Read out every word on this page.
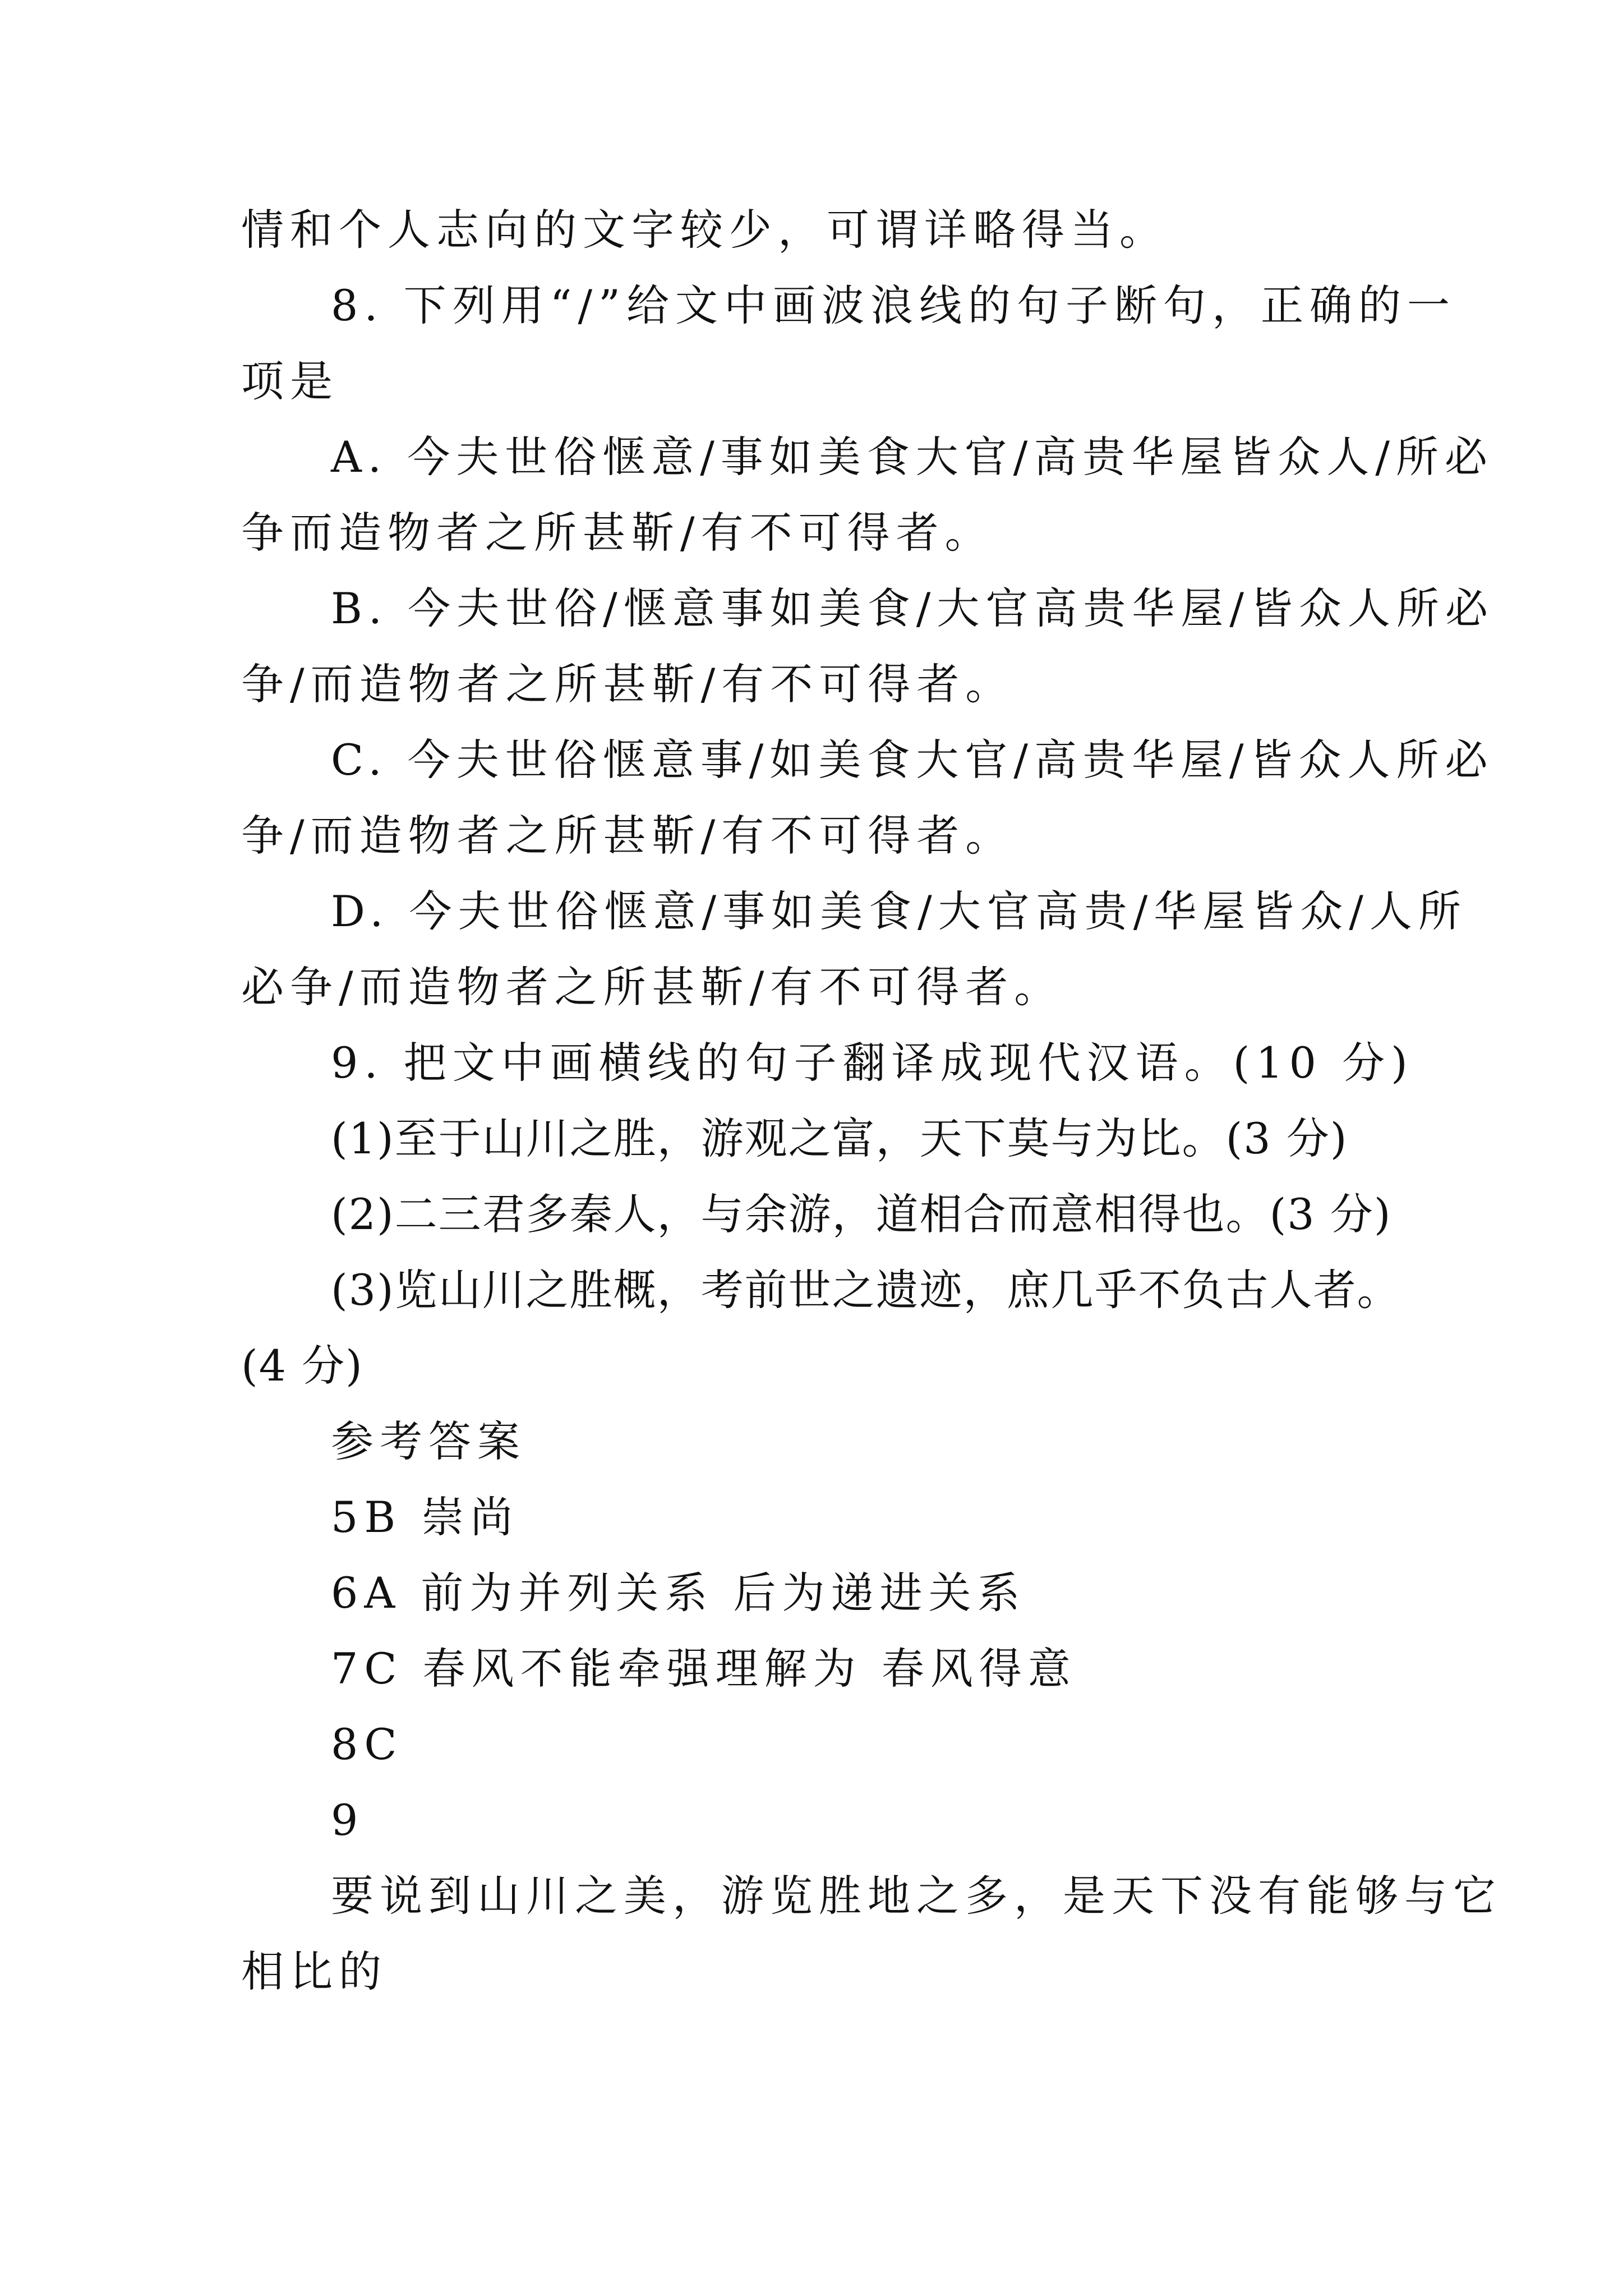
情和个人志向的文字较少，可谓详略得当。
8. 下列用“/”给文中画波浪线的句子断句，正确的一
项是
A. 今夫世俗惬意/事如美食大官/高贵华屋皆众人/所必
争而造物者之所甚靳/有不可得者。
B. 今夫世俗/惬意事如美食/大官高贵华屋/皆众人所必
争/而造物者之所甚靳/有不可得者。
C. 今夫世俗惬意事/如美食大官/高贵华屋/皆众人所必
争/而造物者之所甚靳/有不可得者。
D. 今夫世俗惬意/事如美食/大官高贵/华屋皆众/人所
必争/而造物者之所甚靳/有不可得者。
9. 把文中画横线的句子翻译成现代汉语。(10 分)
(1)至于山川之胜，游观之富，天下莫与为比。(3 分)
(2)二三君多秦人，与余游，道相合而意相得也。(3 分)
(3)览山川之胜概，考前世之遗迹，庶几乎不负古人者。
(4 分)
参考答案
5B 崇尚
6A 前为并列关系 后为递进关系
7C 春风不能牵强理解为 春风得意
8C
9
要说到山川之美，游览胜地之多，是天下没有能够与它
相比的
